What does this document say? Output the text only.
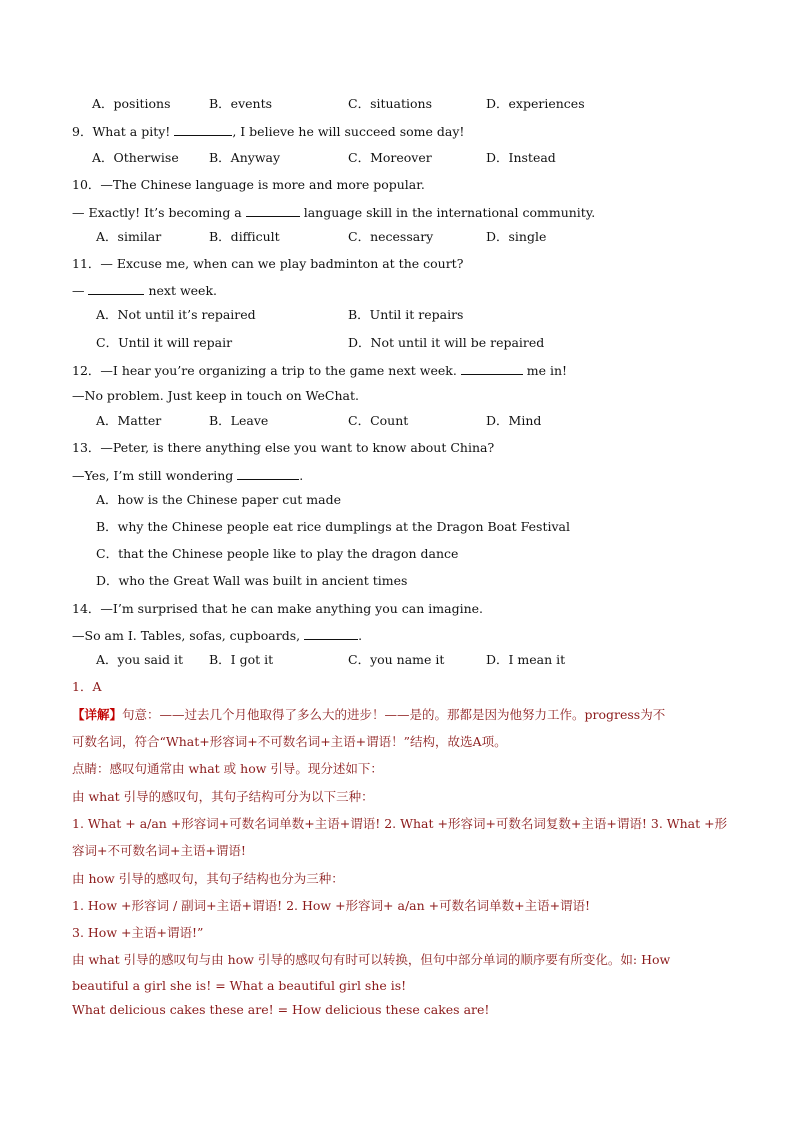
A．positions	B．events	C．situations	D．experiences
9．What a pity!	, I believe he will succeed some day!
A．Otherwise B．Anyway	C．Moreover	D．Instead
10．—The Chinese language is more and more popular.
— Exactly! It’s becoming a	language skill in the international community.
A．similar	B．difficult	C．necessary	D．single
11．— Excuse me, when can we play badminton at the court?
—	next week.
A．Not until it’s repaired	B．Until it repairs
C．Until it will repair	D．Not until it will be repaired
12．—I hear you’re organizing a trip to the game next week.	me in!
—No problem. Just keep in touch on WeChat.
A．Matter	B．Leave	C．Count	D．Mind
13．—Peter, is there anything else you want to know about China?
—Yes, I’m still wondering	.
A．how is the Chinese paper cut made
B．why the Chinese people eat rice dumplings at the Dragon Boat Festival
C．that the Chinese people like to play the dragon dance
D．who the Great Wall was built in ancient times
14．—I’m surprised that he can make anything you can imagine.
—So am I. Tables, sofas, cupboards,	.
A．you said it B．I got it	C．you name it	D．I mean it
1．A
【详解】句意：——过去几个月他取得了多么大的进步！——是的。那都是因为他努力工作。progress为不
可数名词，符合“What+形容词+不可数名词+主语+谓语！”结构，故选A项。
点睛：感叹句通常由 what 或 how 引导。现分述如下：
由 what 引导的感叹句，其句子结构可分为以下三种：
1. What + a/an +形容词+可数名词单数+主语+谓语! 2. What +形容词+可数名词复数+主语+谓语! 3. What +形
容词+不可数名词+主语+谓语!
由 how 引导的感叹句，其句子结构也分为三种：
1. How +形容词 / 副词+主语+谓语! 2. How +形容词+ a/an +可数名词单数+主语+谓语!
3. How +主语+谓语!”
由 what 引导的感叹句与由 how 引导的感叹句有时可以转换，但句中部分单词的顺序要有所变化。如: How
beautiful a girl she is! = What a beautiful girl she is!
What delicious cakes these are! = How delicious these cakes are!
